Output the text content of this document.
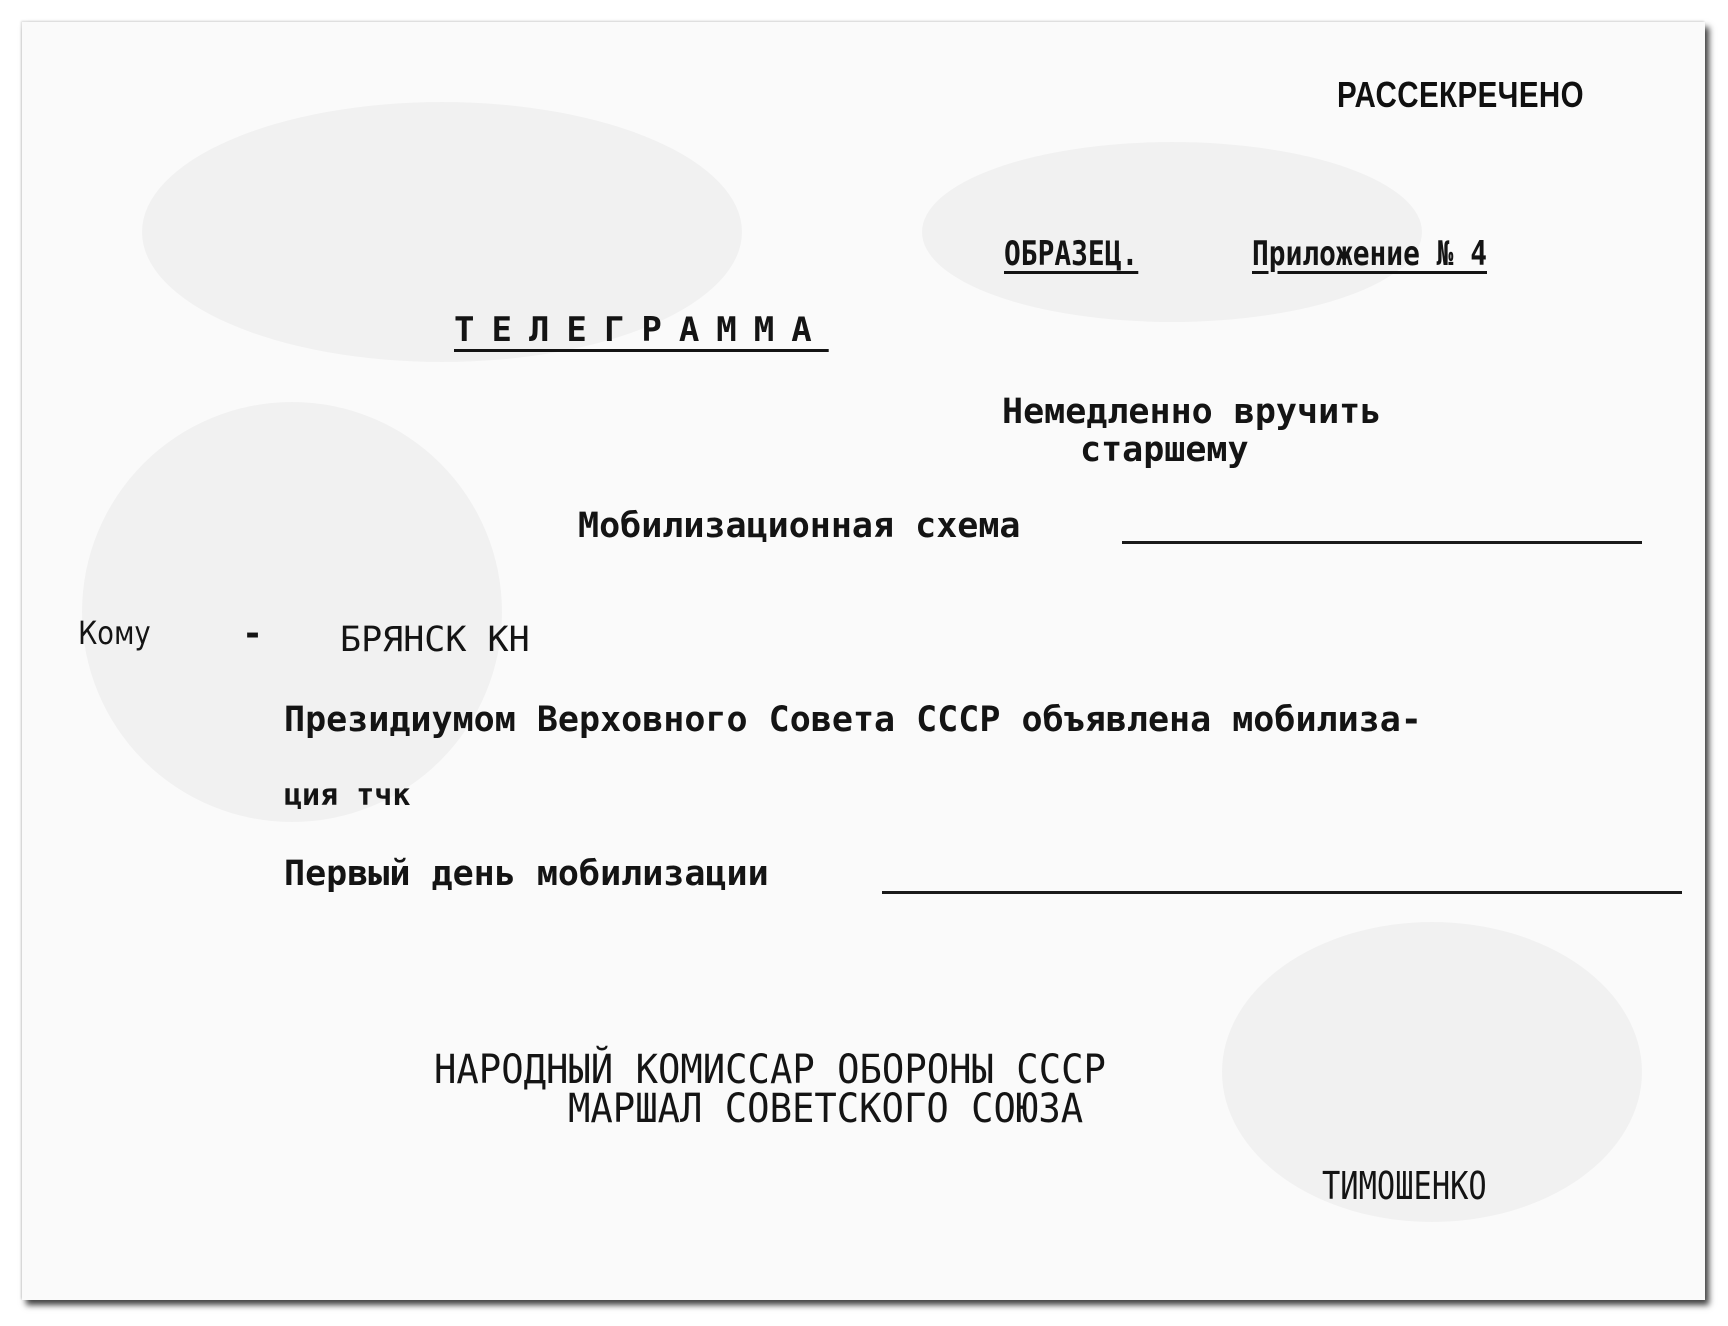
РАССЕКРЕЧЕНО
ОБРАЗЕЦ.	Приложение № 4
ТЕЛЕГРАММА
Немедленно вручить
старшему
Мобилизационная схема
Кому	- БРЯНСК КН
Президиумом Верховного Совета СССР объявлена мобилиза-
ция тчк
Первый день мобилизации
НАРОДНЫЙ КОМИССАР ОБОРОНЫ СССР
МАРШАЛ СОВЕТСКОГО СОЮЗА
ТИМОШЕНКО
